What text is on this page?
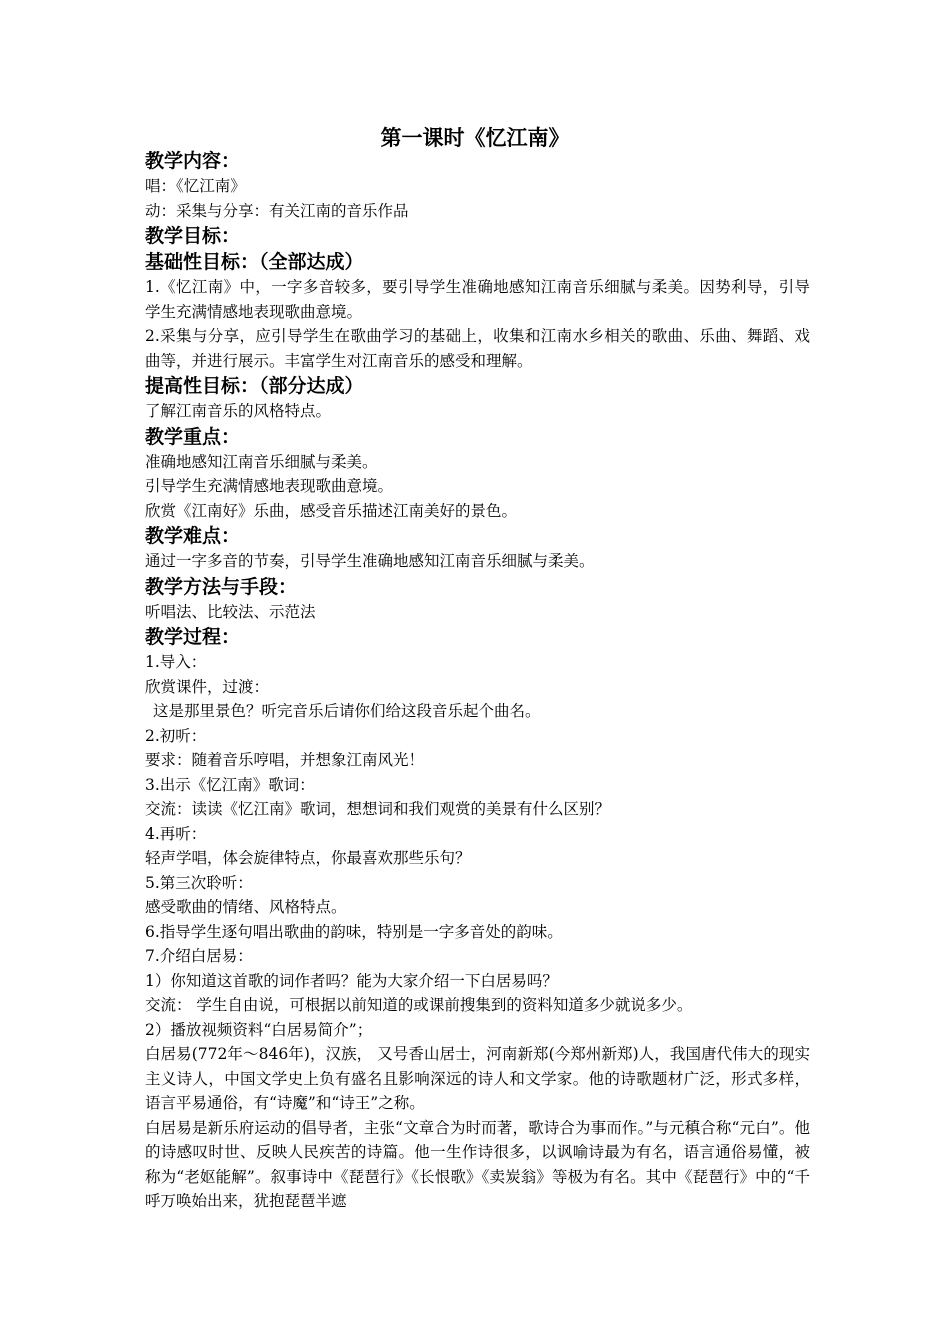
第一课时《忆江南》
教学内容：
唱：《忆江南》
动：采集与分享：有关江南的音乐作品
教学目标：
基础性目标：（全部达成）
1.《忆江南》中，一字多音较多，要引导学生准确地感知江南音乐细腻与柔美。因势利导，引导学生充满情感地表现歌曲意境。
2.采集与分享，应引导学生在歌曲学习的基础上，收集和江南水乡相关的歌曲、乐曲、舞蹈、戏曲等，并进行展示。丰富学生对江南音乐的感受和理解。
提高性目标：（部分达成）
了解江南音乐的风格特点。
教学重点：
准确地感知江南音乐细腻与柔美。
引导学生充满情感地表现歌曲意境。
欣赏《江南好》乐曲，感受音乐描述江南美好的景色。
教学难点：
通过一字多音的节奏，引导学生准确地感知江南音乐细腻与柔美。
教学方法与手段：
听唱法、比较法、示范法
教学过程：
1.导入：
欣赏课件，过渡：
这是那里景色？听完音乐后请你们给这段音乐起个曲名。
2.初听：
要求：随着音乐哼唱，并想象江南风光！
3.出示《忆江南》歌词：
交流：读读《忆江南》歌词，想想词和我们观赏的美景有什么区别？
4.再听：
轻声学唱，体会旋律特点，你最喜欢那些乐句？
5.第三次聆听：
感受歌曲的情绪、风格特点。
6.指导学生逐句唱出歌曲的韵味，特别是一字多音处的韵味。
7.介绍白居易：
1）你知道这首歌的词作者吗？能为大家介绍一下白居易吗？
交流： 学生自由说，可根据以前知道的或课前搜集到的资料知道多少就说多少。
2）播放视频资料“白居易简介”；
白居易(772年～846年)，汉族， 又号香山居士，河南新郑(今郑州新郑)人，我国唐代伟大的现实主义诗人，中国文学史上负有盛名且影响深远的诗人和文学家。他的诗歌题材广泛，形式多样，语言平易通俗，有“诗魔”和“诗王”之称。
白居易是新乐府运动的倡导者，主张“文章合为时而著，歌诗合为事而作。”与元稹合称“元白”。他的诗感叹时世、反映人民疾苦的诗篇。他一生作诗很多，以讽喻诗最为有名，语言通俗易懂，被称为“老妪能解”。叙事诗中《琵琶行》《长恨歌》《卖炭翁》等极为有名。其中《琵琶行》中的“千呼万唤始出来，犹抱琵琶半遮
